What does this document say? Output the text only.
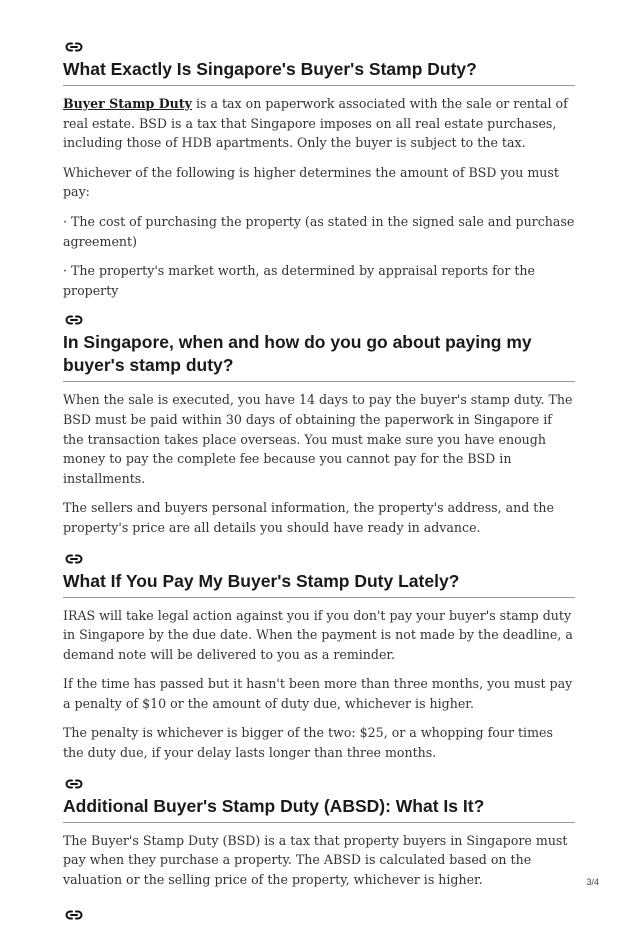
What Exactly Is Singapore's Buyer's Stamp Duty?

Buyer Stamp Duty is a tax on paperwork associated with the sale or rental of real estate. BSD is a tax that Singapore imposes on all real estate purchases, including those of HDB apartments. Only the buyer is subject to the tax.

Whichever of the following is higher determines the amount of BSD you must pay:

· The cost of purchasing the property (as stated in the signed sale and purchase agreement)

· The property's market worth, as determined by appraisal reports for the property

In Singapore, when and how do you go about paying my buyer's stamp duty?

When the sale is executed, you have 14 days to pay the buyer's stamp duty. The BSD must be paid within 30 days of obtaining the paperwork in Singapore if the transaction takes place overseas. You must make sure you have enough money to pay the complete fee because you cannot pay for the BSD in installments.

The sellers and buyers personal information, the property's address, and the property's price are all details you should have ready in advance.

What If You Pay My Buyer's Stamp Duty Lately?

IRAS will take legal action against you if you don't pay your buyer's stamp duty in Singapore by the due date. When the payment is not made by the deadline, a demand note will be delivered to you as a reminder.

If the time has passed but it hasn't been more than three months, you must pay a penalty of $10 or the amount of duty due, whichever is higher.

The penalty is whichever is bigger of the two: $25, or a whopping four times the duty due, if your delay lasts longer than three months.

Additional Buyer's Stamp Duty (ABSD): What Is It?

The Buyer's Stamp Duty (BSD) is a tax that property buyers in Singapore must pay when they purchase a property. The ABSD is calculated based on the valuation or the selling price of the property, whichever is higher.	3/4
